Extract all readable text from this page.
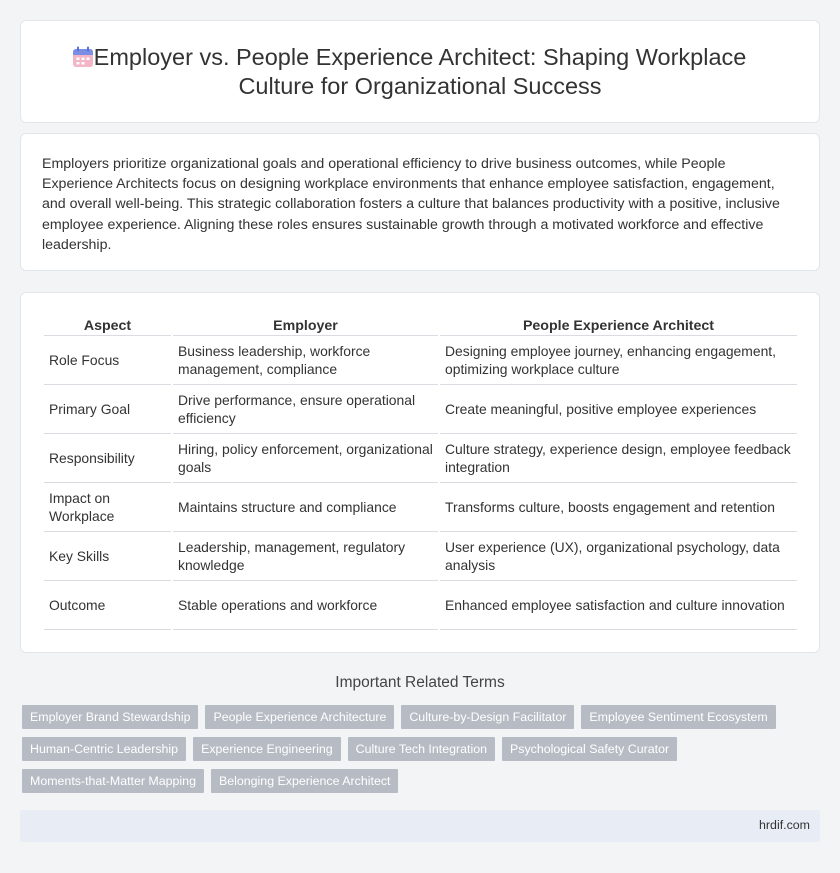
Employer vs. People Experience Architect: Shaping Workplace Culture for Organizational Success

Employers prioritize organizational goals and operational efficiency to drive business outcomes, while People Experience Architects focus on designing workplace environments that enhance employee satisfaction, engagement, and overall well-being. This strategic collaboration fosters a culture that balances productivity with a positive, inclusive employee experience. Aligning these roles ensures sustainable growth through a motivated workforce and effective leadership.

Aspect	Employer	People Experience Architect
Role Focus	Business leadership, workforce management, compliance	Designing employee journey, enhancing engagement, optimizing workplace culture
Primary Goal	Drive performance, ensure operational efficiency	Create meaningful, positive employee experiences
Responsibility	Hiring, policy enforcement, organizational goals	Culture strategy, experience design, employee feedback integration
Impact on Workplace	Maintains structure and compliance	Transforms culture, boosts engagement and retention
Key Skills	Leadership, management, regulatory knowledge	User experience (UX), organizational psychology, data analysis
Outcome	Stable operations and workforce	Enhanced employee satisfaction and culture innovation
Important Related Terms
Employer Brand Stewardship	People Experience Architecture	Culture-by-Design Facilitator	Employee Sentiment Ecosystem
Human-Centric Leadership	Experience Engineering	Culture Tech Integration	Psychological Safety Curator
Moments-that-Matter Mapping	Belonging Experience Architect
hrdif.com
